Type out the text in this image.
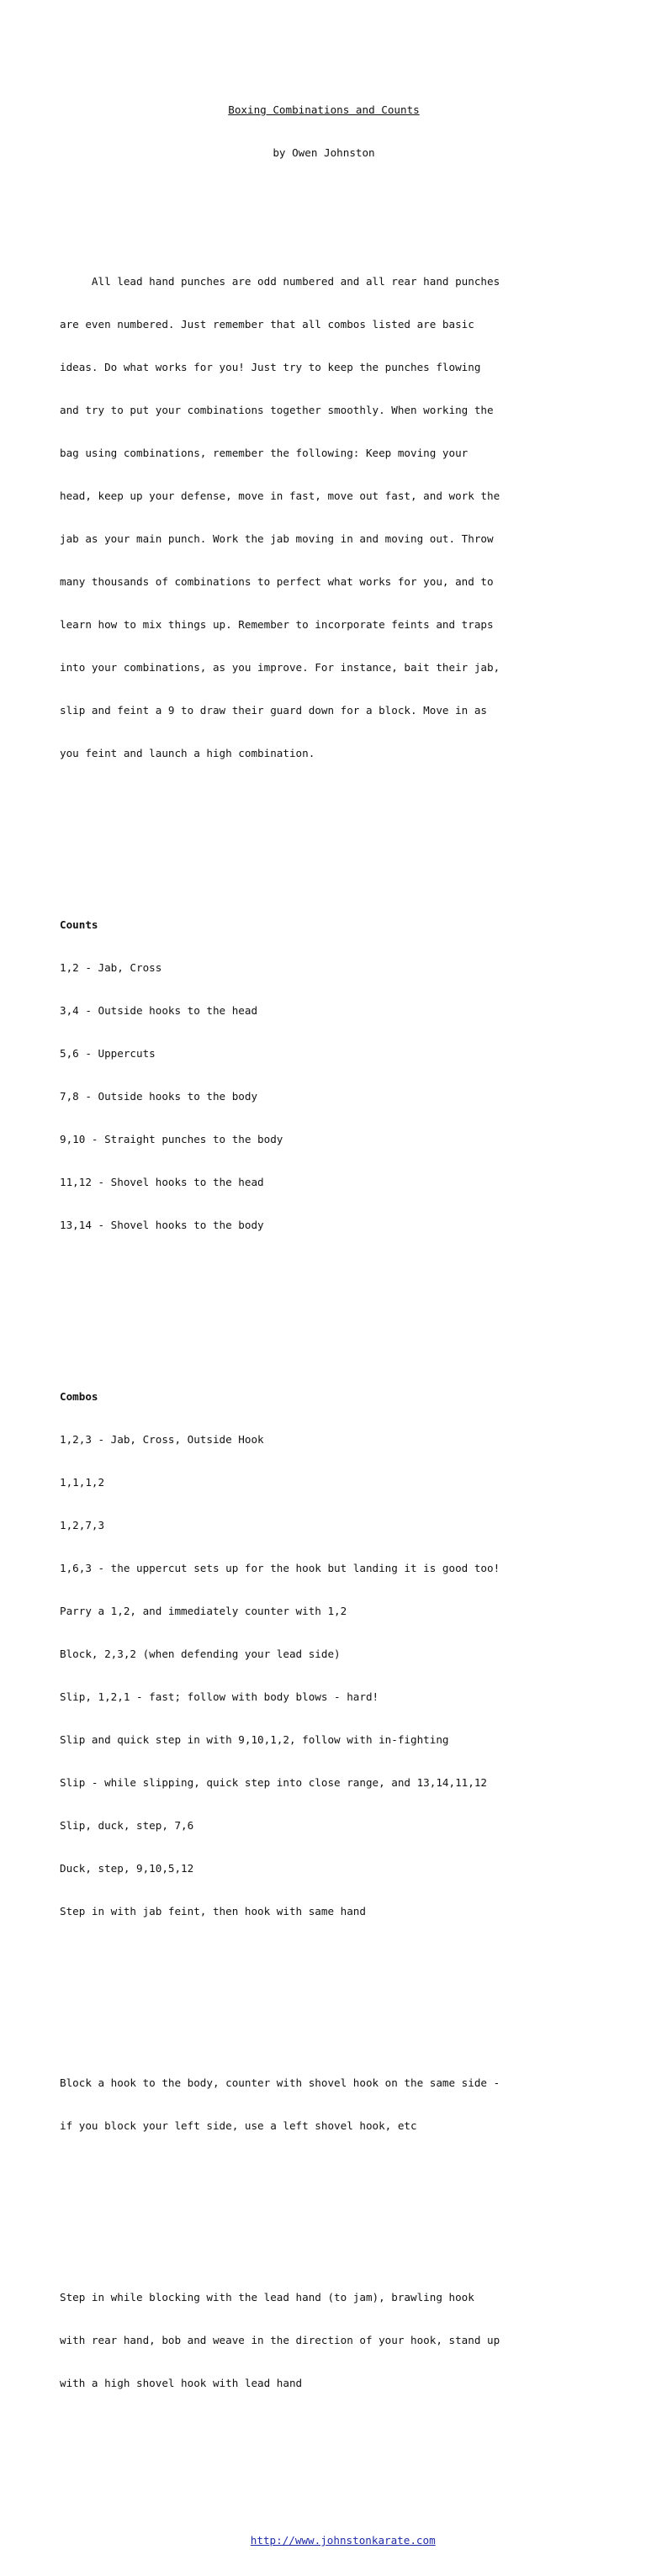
Boxing Combinations and Counts

by Owen Johnston

All lead hand punches are odd numbered and all rear hand punches

are even numbered. Just remember that all combos listed are basic

ideas. Do what works for you! Just try to keep the punches flowing

and try to put your combinations together smoothly. When working the

bag using combinations, remember the following: Keep moving your

head, keep up your defense, move in fast, move out fast, and work the

jab as your main punch. Work the jab moving in and moving out. Throw

many thousands of combinations to perfect what works for you, and to

learn how to mix things up. Remember to incorporate feints and traps

into your combinations, as you improve. For instance, bait their jab,

slip and feint a 9 to draw their guard down for a block. Move in as

you feint and launch a high combination.

Counts

1,2 - Jab, Cross

3,4 - Outside hooks to the head

5,6 - Uppercuts

7,8 - Outside hooks to the body

9,10 - Straight punches to the body

11,12 - Shovel hooks to the head

13,14 - Shovel hooks to the body

Combos

1,2,3 - Jab, Cross, Outside Hook

1,1,1,2

1,2,7,3

1,6,3 - the uppercut sets up for the hook but landing it is good too!

Parry a 1,2, and immediately counter with 1,2

Block, 2,3,2 (when defending your lead side)

Slip, 1,2,1 - fast; follow with body blows - hard!

Slip and quick step in with 9,10,1,2, follow with in-fighting

Slip - while slipping, quick step into close range, and 13,14,11,12

Slip, duck, step, 7,6

Duck, step, 9,10,5,12

Step in with jab feint, then hook with same hand

Block a hook to the body, counter with shovel hook on the same side -

if you block your left side, use a left shovel hook, etc

Step in while blocking with the lead hand (to jam), brawling hook

with rear hand, bob and weave in the direction of your hook, stand up

with a high shovel hook with lead hand

http://www.johnstonkarate.com
